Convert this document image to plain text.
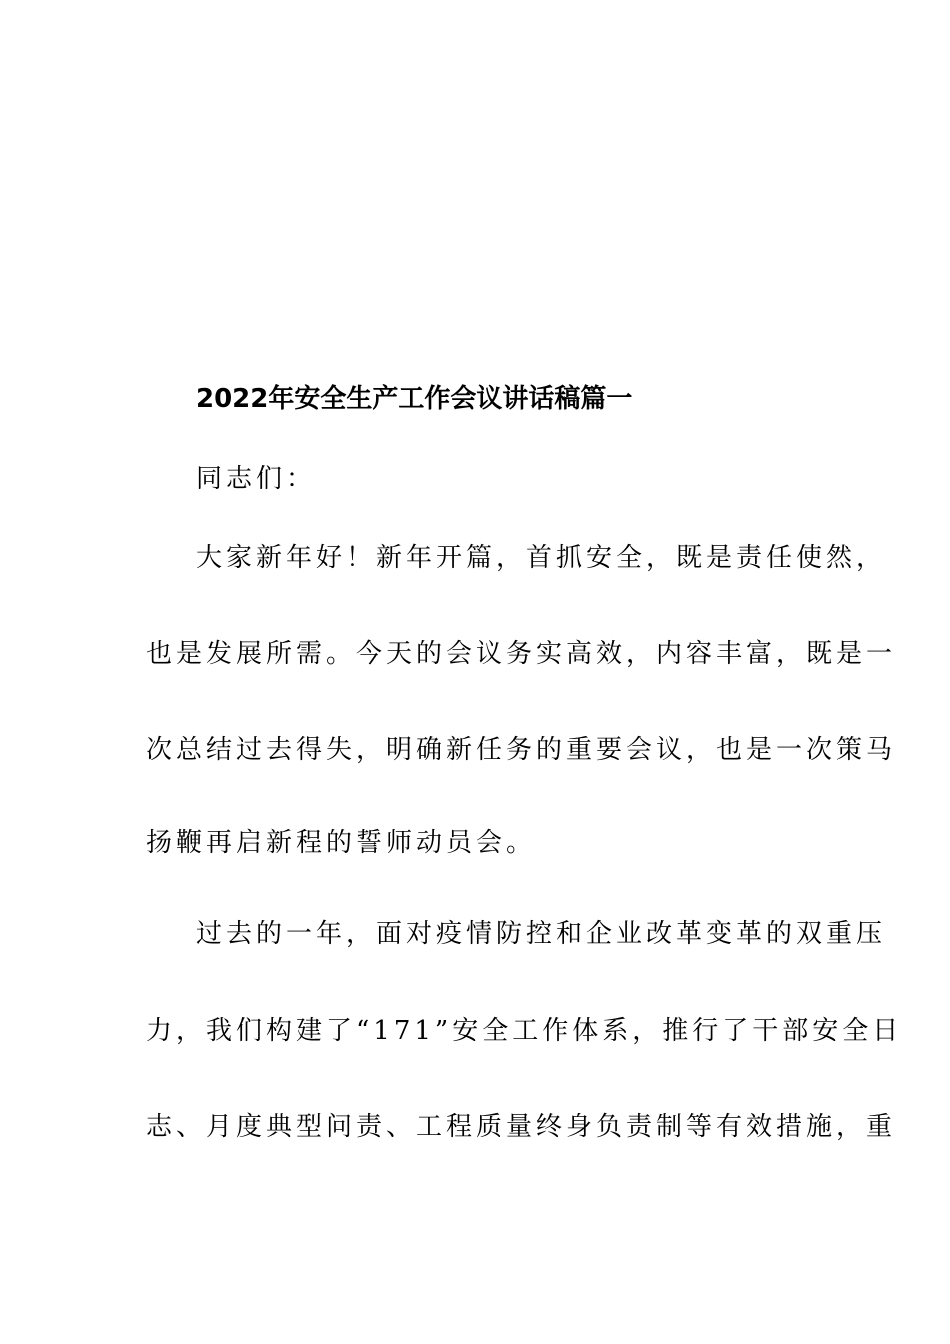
2022年安全生产工作会议讲话稿篇一
同志们：
大家新年好！新年开篇，首抓安全，既是责任使然，
也是发展所需。今天的会议务实高效，内容丰富，既是一
次总结过去得失，明确新任务的重要会议，也是一次策马
扬鞭再启新程的誓师动员会。
过去的一年，面对疫情防控和企业改革变革的双重压
力，我们构建了“171”安全工作体系，推行了干部安全日
志、月度典型问责、工程质量终身负责制等有效措施，重
